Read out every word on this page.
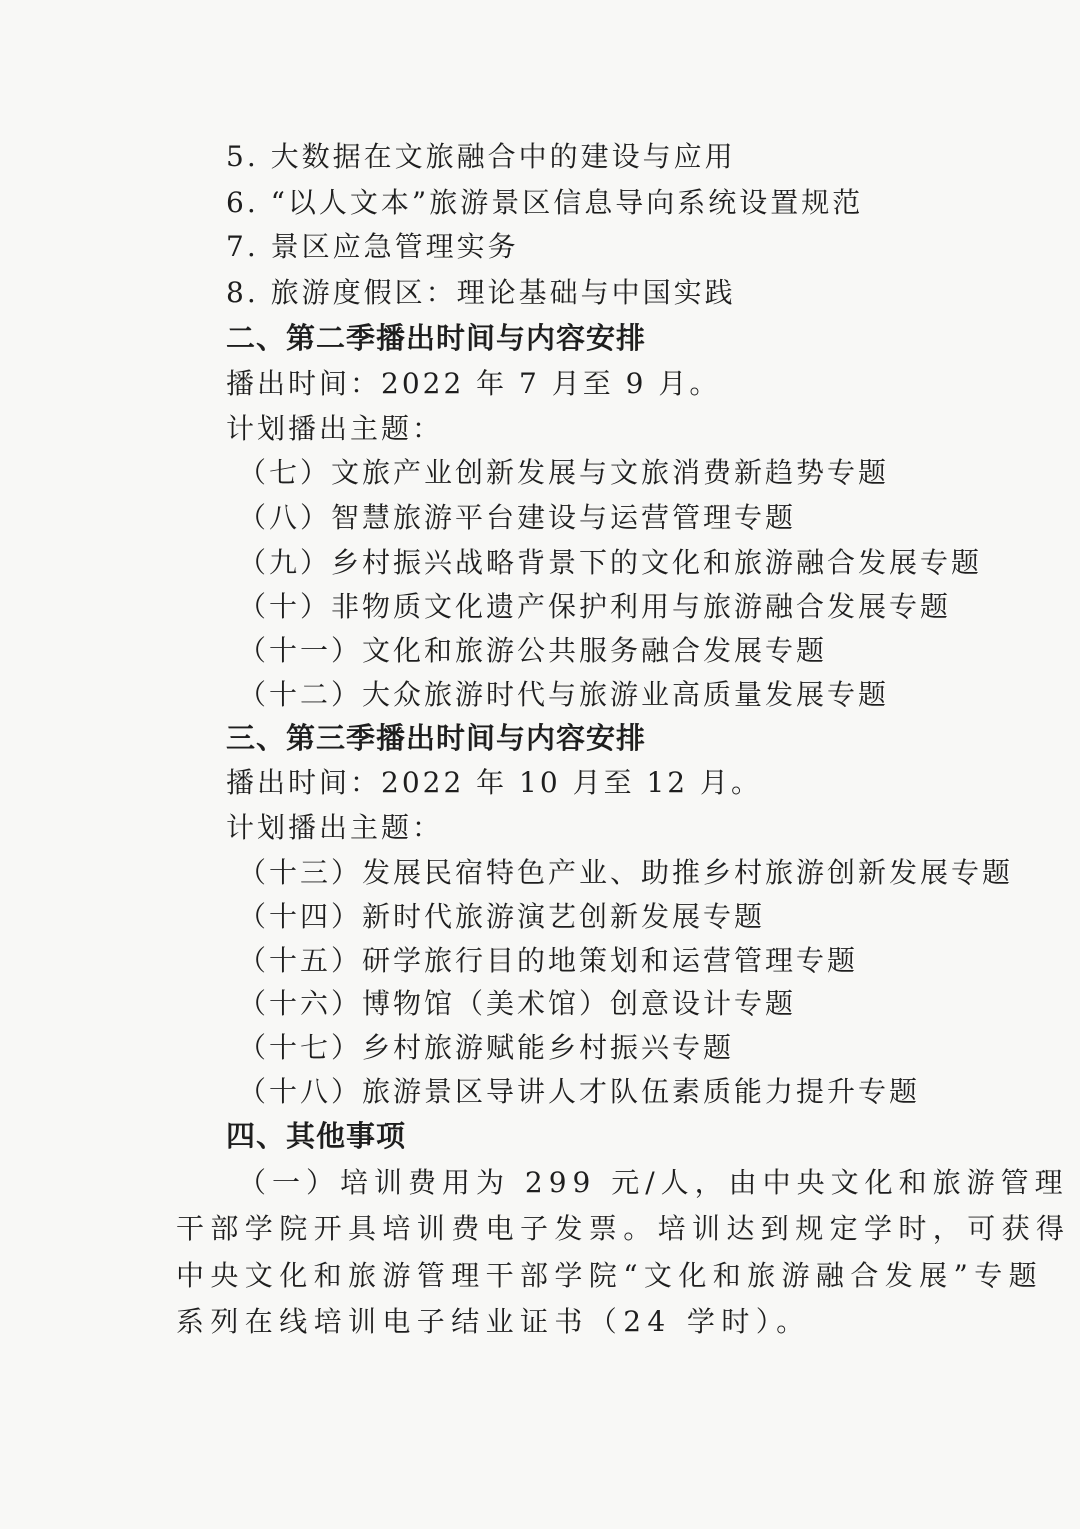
5. 大数据在文旅融合中的建设与应用
6. “以人文本”旅游景区信息导向系统设置规范
7. 景区应急管理实务
8. 旅游度假区：理论基础与中国实践
二、第二季播出时间与内容安排
播出时间：2022 年 7 月至 9 月。
计划播出主题：
（七）文旅产业创新发展与文旅消费新趋势专题
（八）智慧旅游平台建设与运营管理专题
（九）乡村振兴战略背景下的文化和旅游融合发展专题
（十）非物质文化遗产保护利用与旅游融合发展专题
（十一）文化和旅游公共服务融合发展专题
（十二）大众旅游时代与旅游业高质量发展专题
三、第三季播出时间与内容安排
播出时间：2022 年 10 月至 12 月。
计划播出主题：
（十三）发展民宿特色产业、助推乡村旅游创新发展专题
（十四）新时代旅游演艺创新发展专题
（十五）研学旅行目的地策划和运营管理专题
（十六）博物馆（美术馆）创意设计专题
（十七）乡村旅游赋能乡村振兴专题
（十八）旅游景区导讲人才队伍素质能力提升专题
四、其他事项
（一）培训费用为 299 元/人，由中央文化和旅游管理
干部学院开具培训费电子发票。培训达到规定学时，可获得
中央文化和旅游管理干部学院“文化和旅游融合发展”专题
系列在线培训电子结业证书（24 学时）。
